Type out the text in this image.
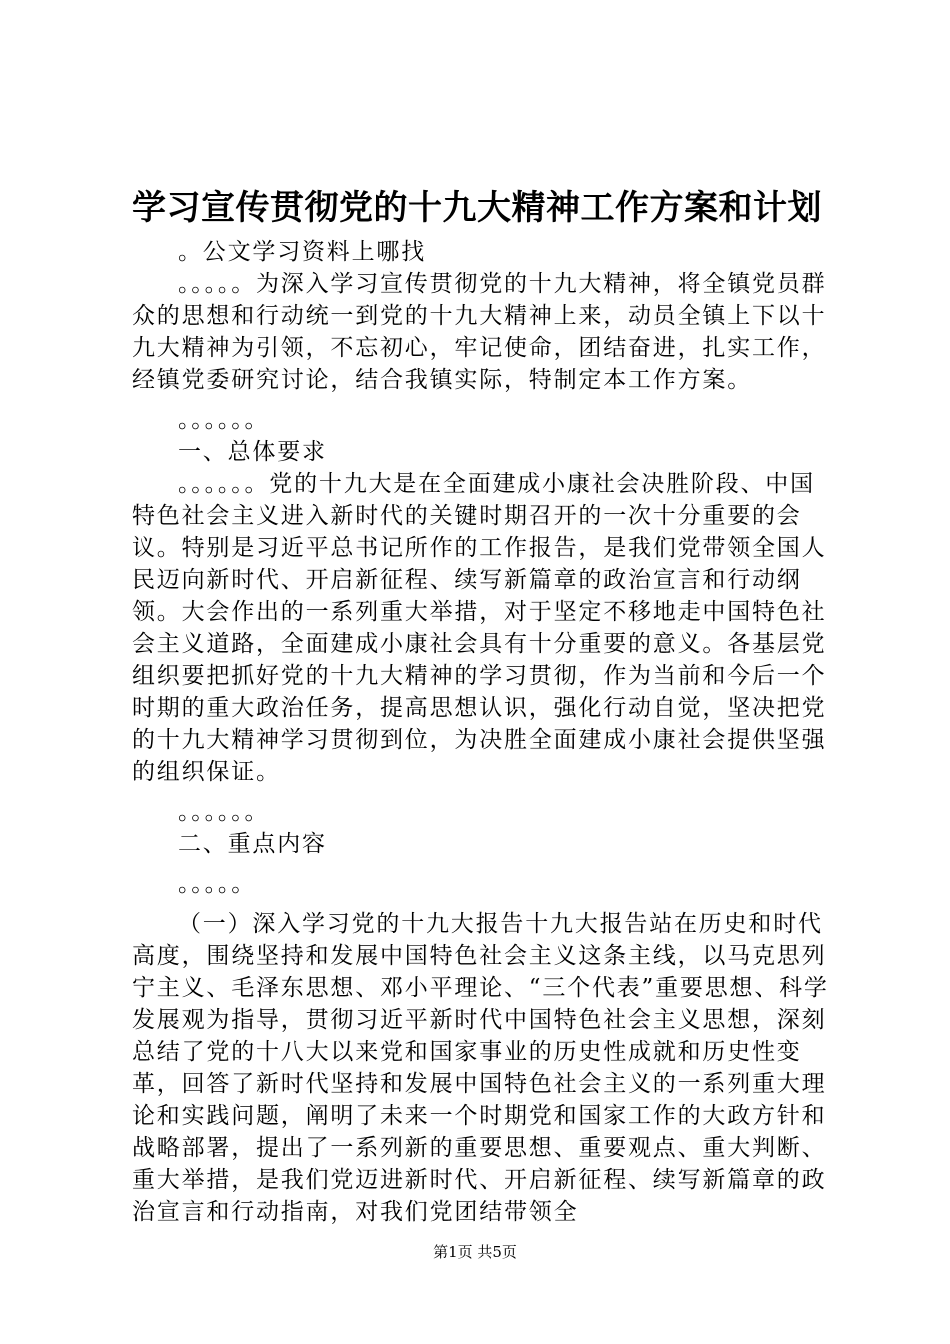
学习宣传贯彻党的十九大精神工作方案和计划

。公文学习资料上哪找

。。。。。为深入学习宣传贯彻党的十九大精神，将全镇党员群众的思想和行动统一到党的十九大精神上来，动员全镇上下以十九大精神为引领，不忘初心，牢记使命，团结奋进，扎实工作，经镇党委研究讨论，结合我镇实际，特制定本工作方案。

。。。。。。

一、总体要求

。。。。。。党的十九大是在全面建成小康社会决胜阶段、中国特色社会主义进入新时代的关键时期召开的一次十分重要的会议。特别是习近平总书记所作的工作报告，是我们党带领全国人民迈向新时代、开启新征程、续写新篇章的政治宣言和行动纲领。大会作出的一系列重大举措，对于坚定不移地走中国特色社会主义道路，全面建成小康社会具有十分重要的意义。各基层党组织要把抓好党的十九大精神的学习贯彻，作为当前和今后一个时期的重大政治任务，提高思想认识，强化行动自觉，坚决把党的十九大精神学习贯彻到位，为决胜全面建成小康社会提供坚强的组织保证。

。。。。。。

二、重点内容

。。。。。

（一）深入学习党的十九大报告十九大报告站在历史和时代高度，围绕坚持和发展中国特色社会主义这条主线，以马克思列宁主义、毛泽东思想、邓小平理论、“三个代表”重要思想、科学发展观为指导，贯彻习近平新时代中国特色社会主义思想，深刻总结了党的十八大以来党和国家事业的历史性成就和历史性变革，回答了新时代坚持和发展中国特色社会主义的一系列重大理论和实践问题，阐明了未来一个时期党和国家工作的大政方针和战略部署，提出了一系列新的重要思想、重要观点、重大判断、重大举措，是我们党迈进新时代、开启新征程、续写新篇章的政治宣言和行动指南，对我们党团结带领全

第1页 共5页
